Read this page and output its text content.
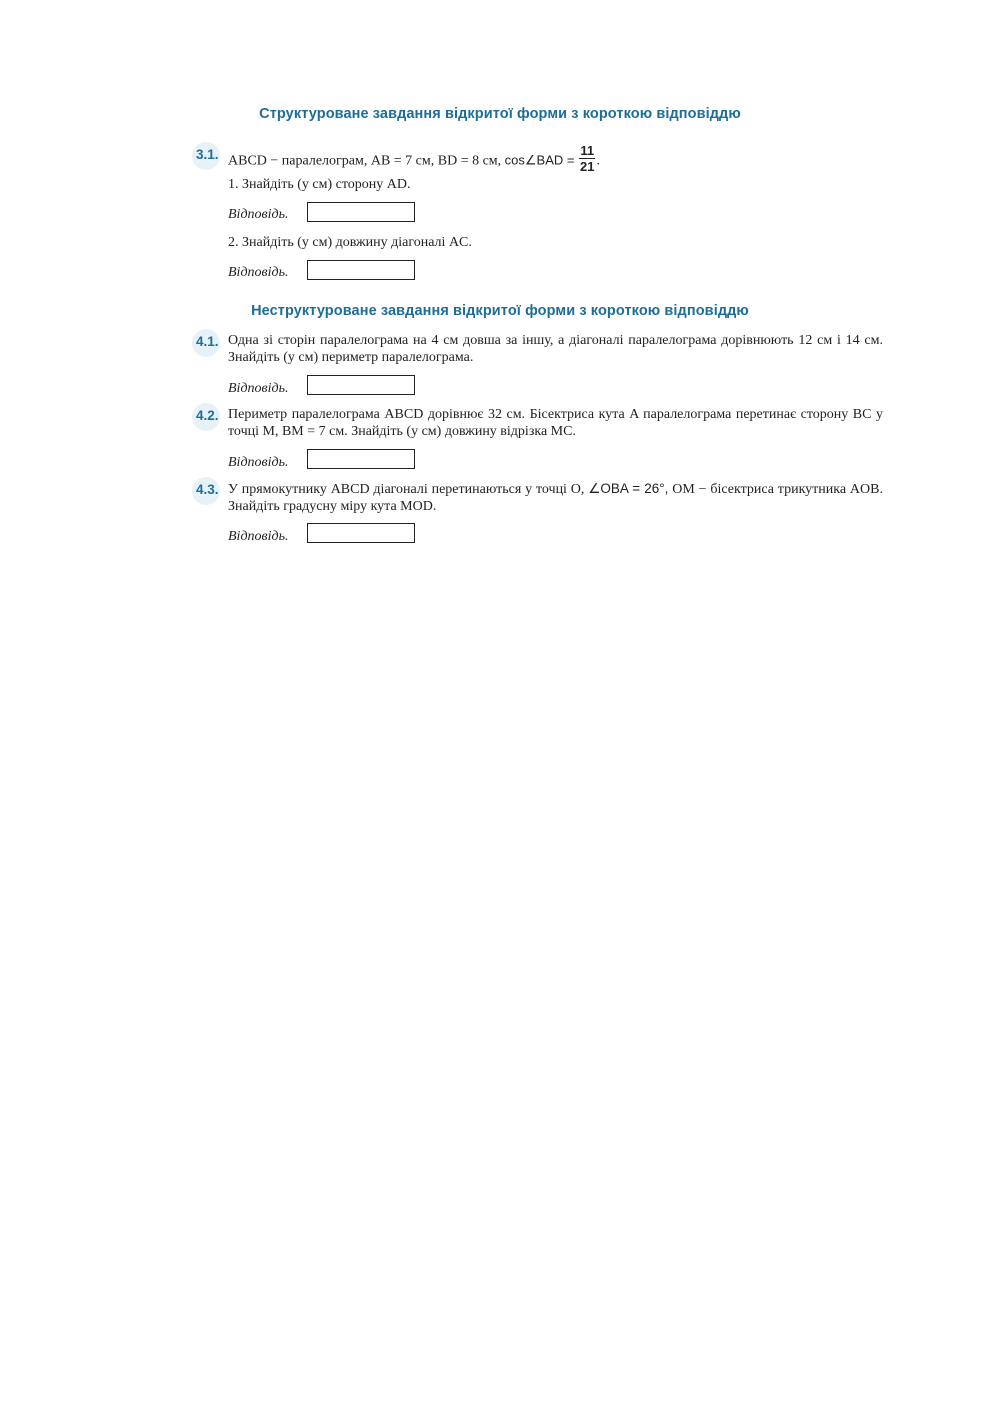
Структуроване завдання відкритої форми з короткою відповіддю
3.1. ABCD − паралелограм, AB = 7 см, BD = 8 см, cos∠BAD = $\frac{11}{21}$ .
1. Знайдіть (у см) сторону AD.
Відповідь.
2. Знайдіть (у см) довжину діагоналі AC.
Відповідь.
Неструктуроване завдання відкритої форми з короткою відповіддю
4.1. Одна зі сторін паралелограма на 4 см довша за іншу, а діагоналі паралелограма дорівнюють 12 см і 14 см. Знайдіть (у см) периметр паралелограма.
Відповідь.
4.2. Периметр паралелограма ABCD дорівнює 32 см. Бісектриса кута A паралелограма перетинає сторону BC у точці M, BM = 7 см. Знайдіть (у см) довжину відрізка MC.
Відповідь.
4.3. У прямокутнику ABCD діагоналі перетинаються у точці O, ∠OBA = 26°, OM − бісектриса трикутника AOB. Знайдіть градусну міру кута MOD.
Відповідь.
